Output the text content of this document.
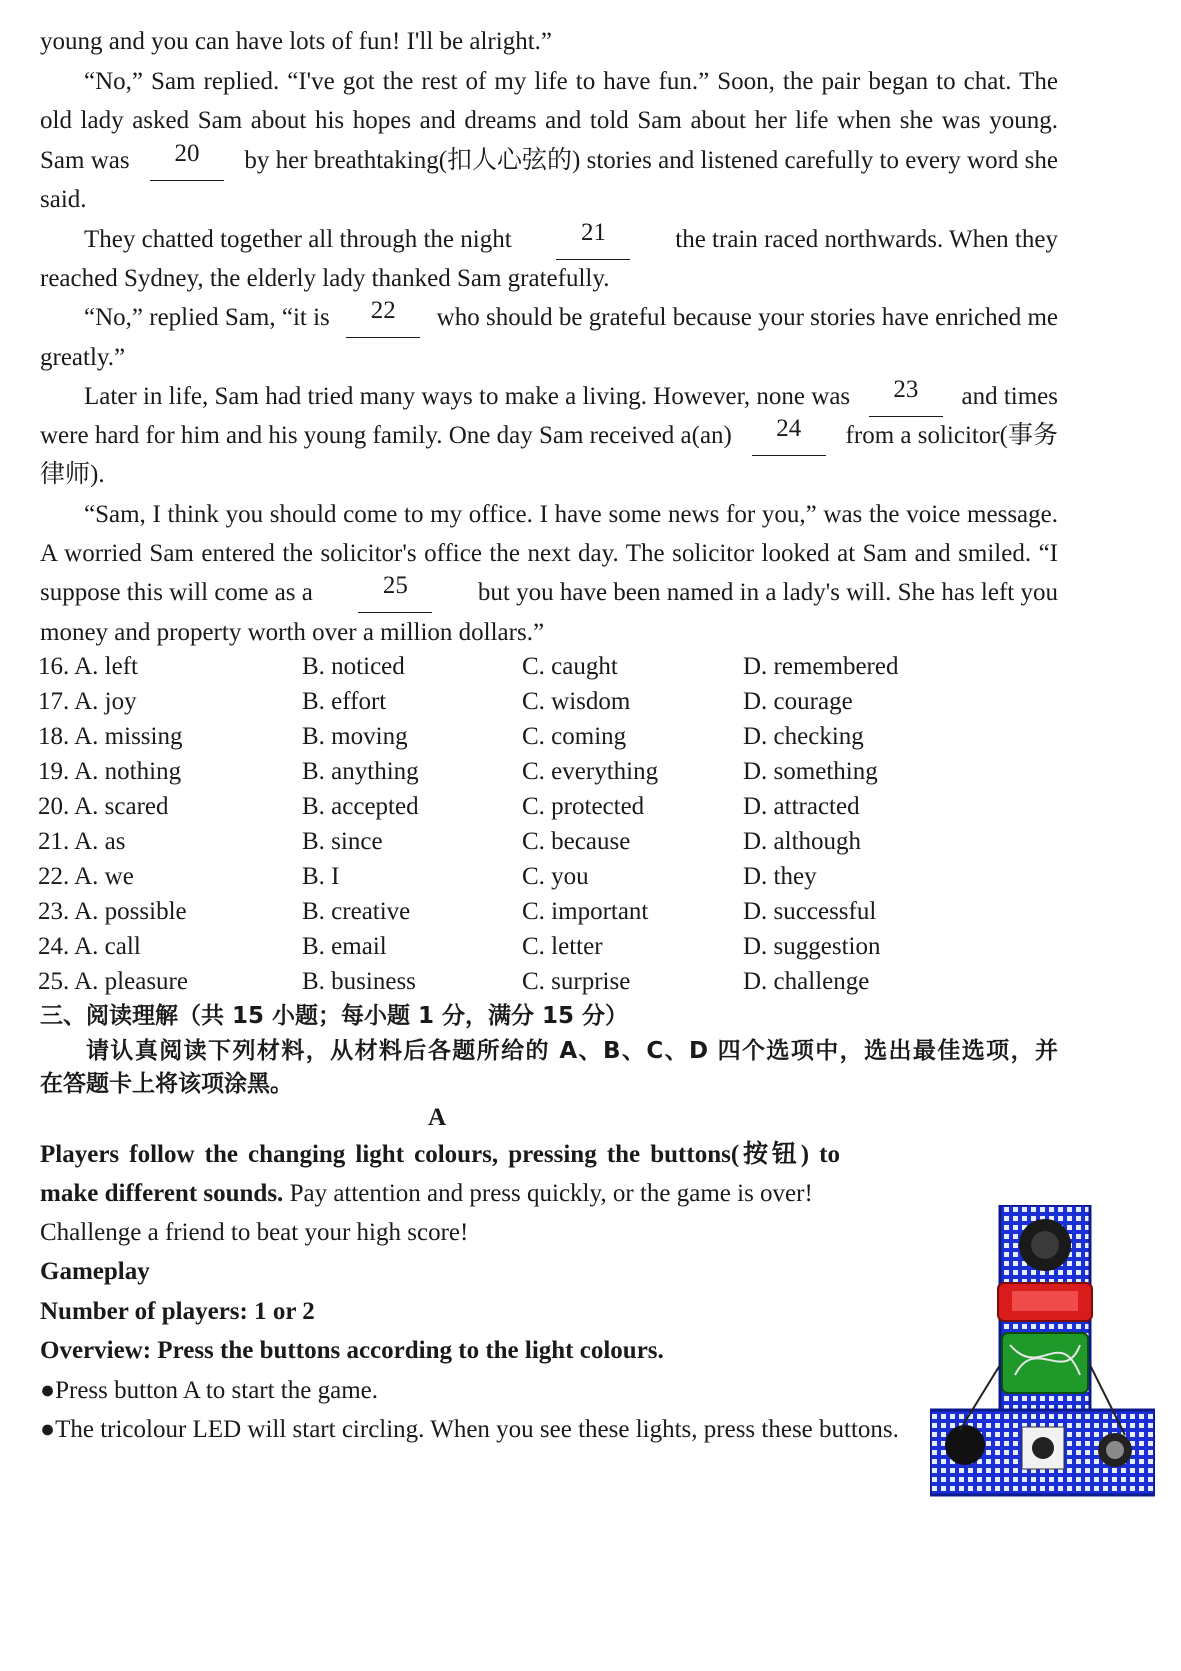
young and you can have lots of fun! I'll be alright.”
“No,” Sam replied. “I've got the rest of my life to have fun.” Soon, the pair began to chat. The
old lady asked Sam about his hopes and dreams and told Sam about her life when she was young.
Sam was	20	by her breathtaking(扣人心弦的) stories and listened carefully to every word she
said.
They chatted together all through the night	21	the train raced northwards. When they
reached Sydney, the elderly lady thanked Sam gratefully.
“No,” replied Sam, “it is	22	who should be grateful because your stories have enriched me
greatly.”
Later in life, Sam had tried many ways to make a living. However, none was	23	and times
were hard for him and his young family. One day Sam received a(an)	24	from a solicitor(事务
律师).
“Sam, I think you should come to my office. I have some news for you,” was the voice message.
A worried Sam entered the solicitor's office the next day. The solicitor looked at Sam and smiled. “I
suppose this will come as a	25	but you have been named in a lady's will. She has left you
money and property worth over a million dollars.”
16. A. left	B. noticed	C. caught	D. remembered
17. A. joy	B. effort	C. wisdom	D. courage
18. A. missing	B. moving	C. coming	D. checking
19. A. nothing	B. anything	C. everything	D. something
20. A. scared	B. accepted	C. protected	D. attracted
21. A. as	B. since	C. because	D. although
22. A. we	B. I	C. you	D. they
23. A. possible	B. creative	C. important	D. successful
24. A. call	B. email	C. letter	D. suggestion
25. A. pleasure	B. business	C. surprise	D. challenge
三、阅读理解（共 15 小题；每小题 1 分，满分 15 分）
请认真阅读下列材料，从材料后各题所给的 A、B、C、D 四个选项中，选出最佳选项，并
在答题卡上将该项涂黑。
A
Players follow the changing light colours, pressing the buttons(按钮) to
make different sounds. Pay attention and press quickly, or the game is over!
Challenge a friend to beat your high score!
Gameplay
Number of players: 1 or 2
Overview: Press the buttons according to the light colours.
●Press button A to start the game.
●The tricolour LED will start circling. When you see these lights, press these buttons.
